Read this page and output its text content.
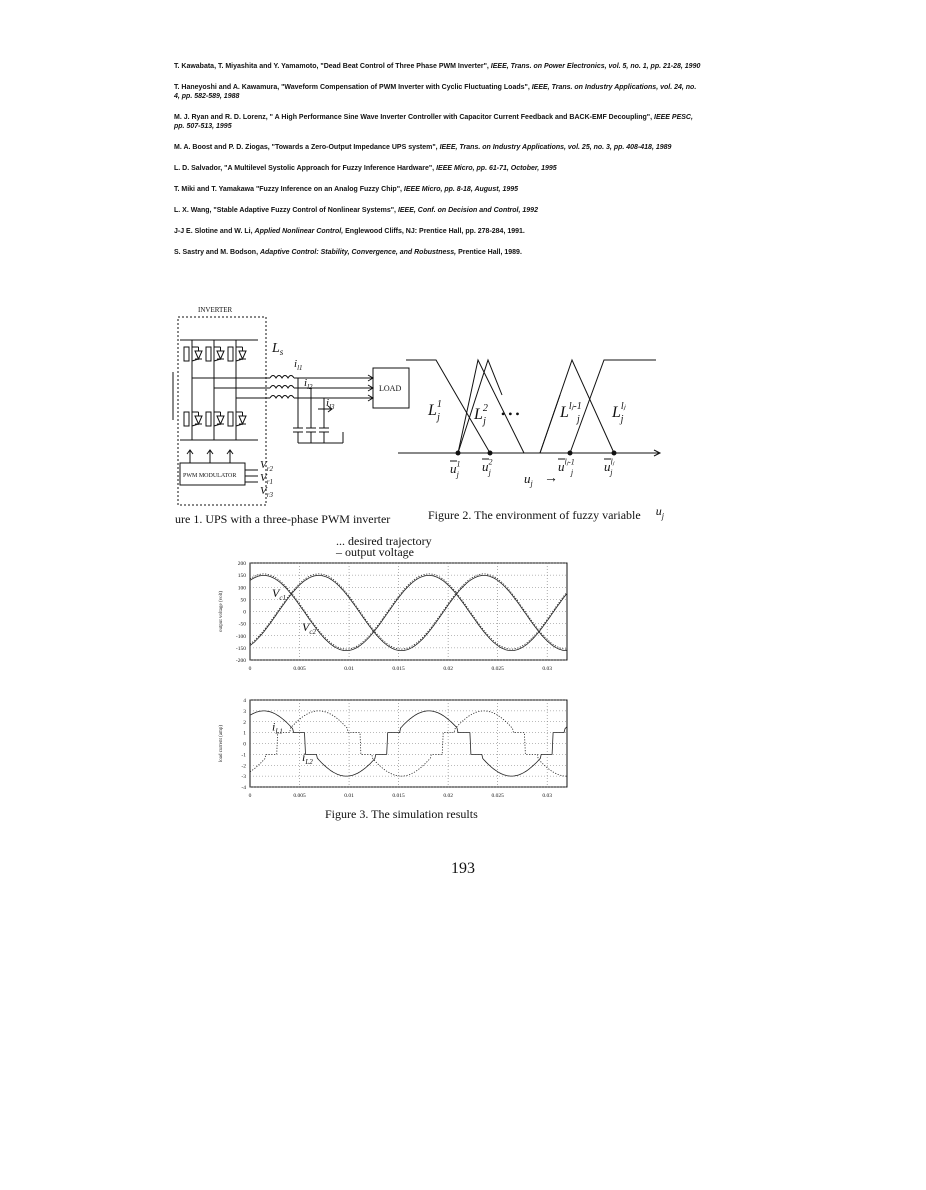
T. Kawabata, T. Miyashita and Y. Yamamoto, "Dead Beat Control of Three Phase PWM Inverter", IEEE, Trans. on Power Electronics, vol. 5, no. 1, pp. 21-28, 1990
T. Haneyoshi and A. Kawamura, "Waveform Compensation of PWM Inverter with Cyclic Fluctuating Loads", IEEE, Trans. on Industry Applications, vol. 24, no. 4, pp. 582-589, 1988
M. J. Ryan and R. D. Lorenz, " A High Performance Sine Wave Inverter Controller with Capacitor Current Feedback and BACK-EMF Decoupling", IEEE PESC, pp. 507-513, 1995
M. A. Boost and P. D. Ziogas, "Towards a Zero-Output Impedance UPS system", IEEE, Trans. on Industry Applications, vol. 25, no. 3, pp. 408-418, 1989
L. D. Salvador, "A Multilevel Systolic Approach for Fuzzy Inference Hardware", IEEE Micro, pp. 61-71, October, 1995
T. Miki and T. Yamakawa "Fuzzy Inference on an Analog Fuzzy Chip", IEEE Micro, pp. 8-18, August, 1995
L. X. Wang, "Stable Adaptive Fuzzy Control of Nonlinear Systems", IEEE, Conf. on Decision and Control, 1992
J-J E. Slotine and W. Li, Applied Nonlinear Control, Englewood Cliffs, NJ: Prentice Hall, pp. 278-284, 1991.
S. Sastry and M. Bodson, Adaptive Control: Stability, Convergence, and Robustness, Prentice Hall, 1989.
INVERTER
$L_s$
LOAD
PWM MODULATOR
$i_{l1}$
$i_{l2}$
$i_{l3}$
$V_{r2}$
$V_{r1}$
$V_{r3}$
ure 1. UPS with a three-phase PWM inverter
$L^1$ j $L^2$ j
$L^{lⱼ-1}$ j $L^{lⱼ}$ j
• • •
$u^1$ j
$u^2$ j	$u^{lⱼ-1}$ j $u^{lⱼ}$ j
$u_j$ →
Figure 2. The environment of fuzzy variable $u_j$
... desired trajectory
– output voltage
200
150
100
50
0
-50
-100
-150
-200
0	0.005	0.01	0.015	0.02	0.025	0.03
output voltage (volt)	$V_{c1}$
$V_{c2}$
4
3
2
1
0
-1
-2
-3
-4
0	0.005	0.01	0.015	0.02	0.025	0.03
load current (amp)	$i_{L1}$
$i_{L2}$
Figure 3. The simulation results
193
